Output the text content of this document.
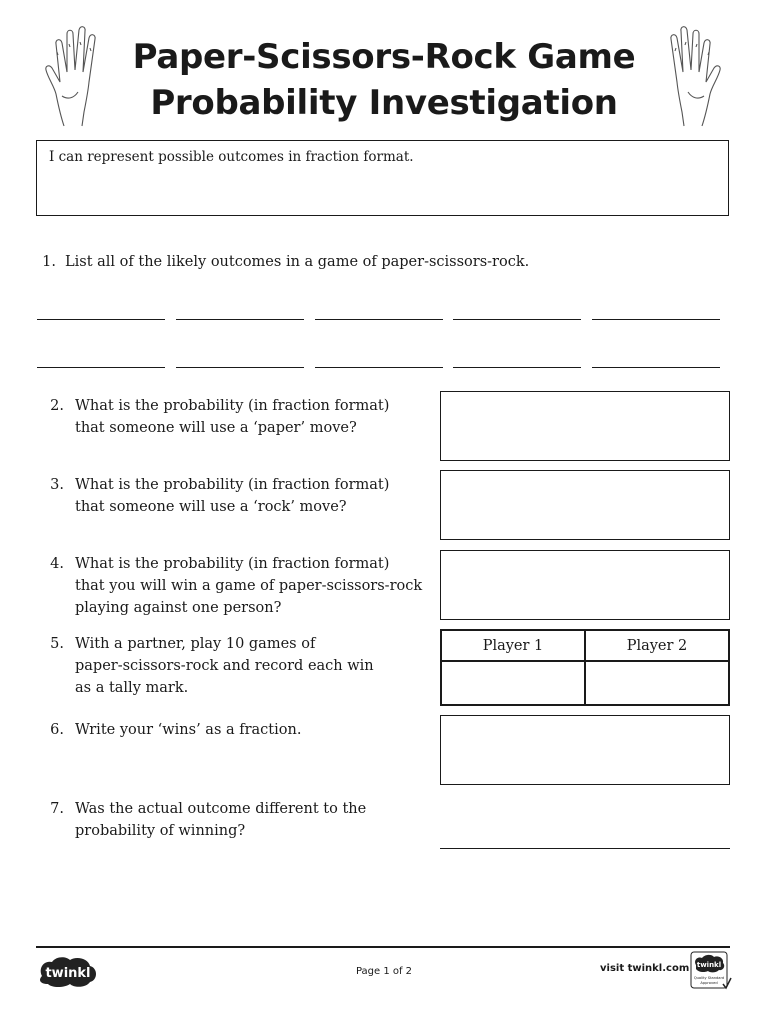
Paper-Scissors-Rock Game
Probability Investigation
I can represent possible outcomes in fraction format.
1. List all of the likely outcomes in a game of paper-scissors-rock.
2. What is the probability (in fraction format)
that someone will use a ‘paper’ move?
3. What is the probability (in fraction format)
that someone will use a ‘rock’ move?
4. What is the probability (in fraction format)
that you will win a game of paper-scissors-rock
playing against one person?
5. With a partner, play 10 games of
paper-scissors-rock and record each win
as a tally mark.
Player 1	Player 2
6. Write your ‘wins’ as a fraction.
7. Was the actual outcome different to the
probability of winning?
twinkl	Page 1 of 2	visit twinkl.com twinkl
Quality Standard
Approved
